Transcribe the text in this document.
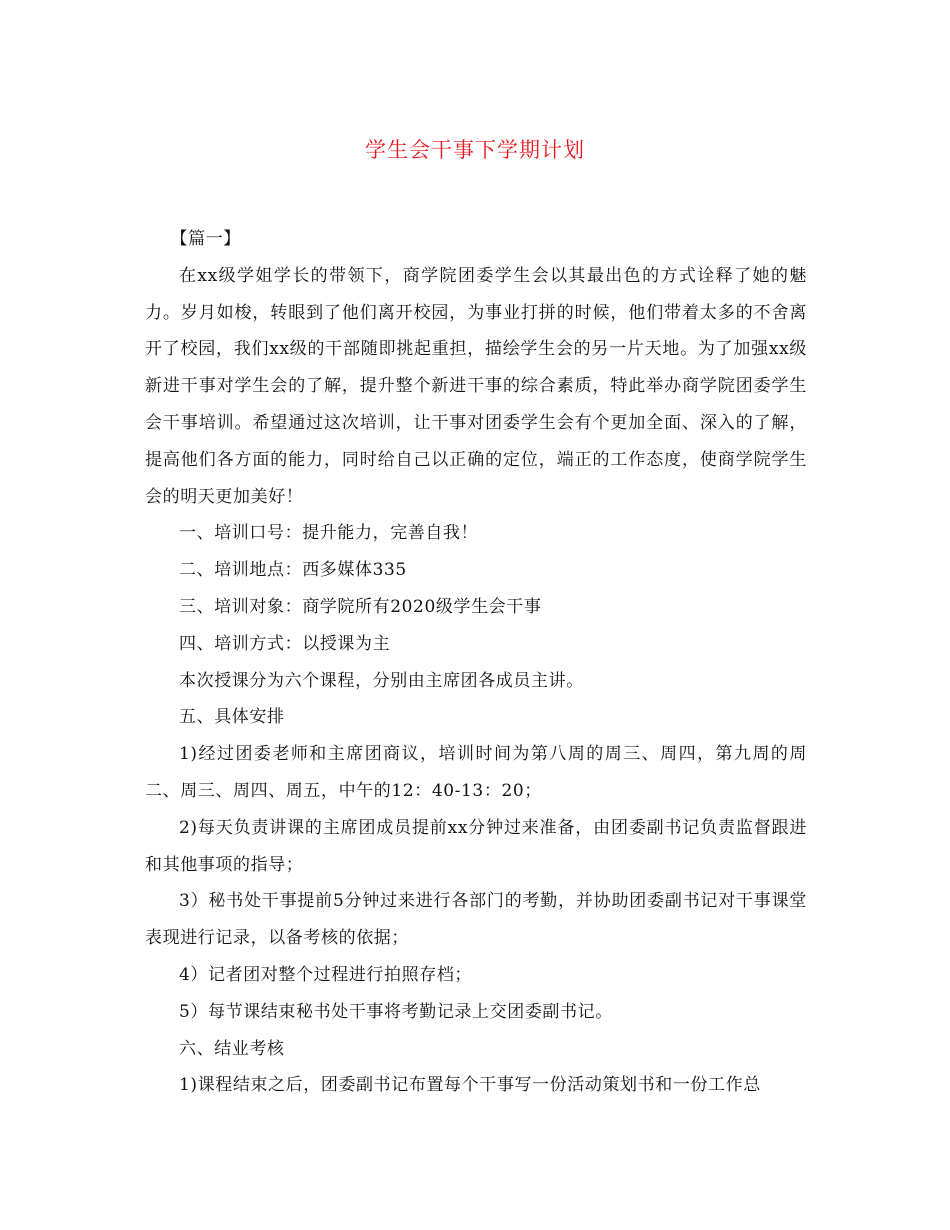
学生会干事下学期计划

【篇一】

在xx级学姐学长的带领下，商学院团委学生会以其最出色的方式诠释了她的魅力。岁月如梭，转眼到了他们离开校园，为事业打拼的时候，他们带着太多的不舍离开了校园，我们xx级的干部随即挑起重担，描绘学生会的另一片天地。为了加强xx级新进干事对学生会的了解，提升整个新进干事的综合素质，特此举办商学院团委学生会干事培训。希望通过这次培训，让干事对团委学生会有个更加全面、深入的了解，提高他们各方面的能力，同时给自己以正确的定位，端正的工作态度，使商学院学生会的明天更加美好！

一、培训口号：提升能力，完善自我！

二、培训地点：西多媒体335

三、培训对象：商学院所有2020级学生会干事

四、培训方式：以授课为主

本次授课分为六个课程，分别由主席团各成员主讲。

五、具体安排

1)经过团委老师和主席团商议，培训时间为第八周的周三、周四，第九周的周二、周三、周四、周五，中午的12：40-13：20；

2)每天负责讲课的主席团成员提前xx分钟过来准备，由团委副书记负责监督跟进和其他事项的指导；

3）秘书处干事提前5分钟过来进行各部门的考勤，并协助团委副书记对干事课堂表现进行记录，以备考核的依据；

4）记者团对整个过程进行拍照存档；

5）每节课结束秘书处干事将考勤记录上交团委副书记。

六、结业考核

1)课程结束之后，团委副书记布置每个干事写一份活动策划书和一份工作总
